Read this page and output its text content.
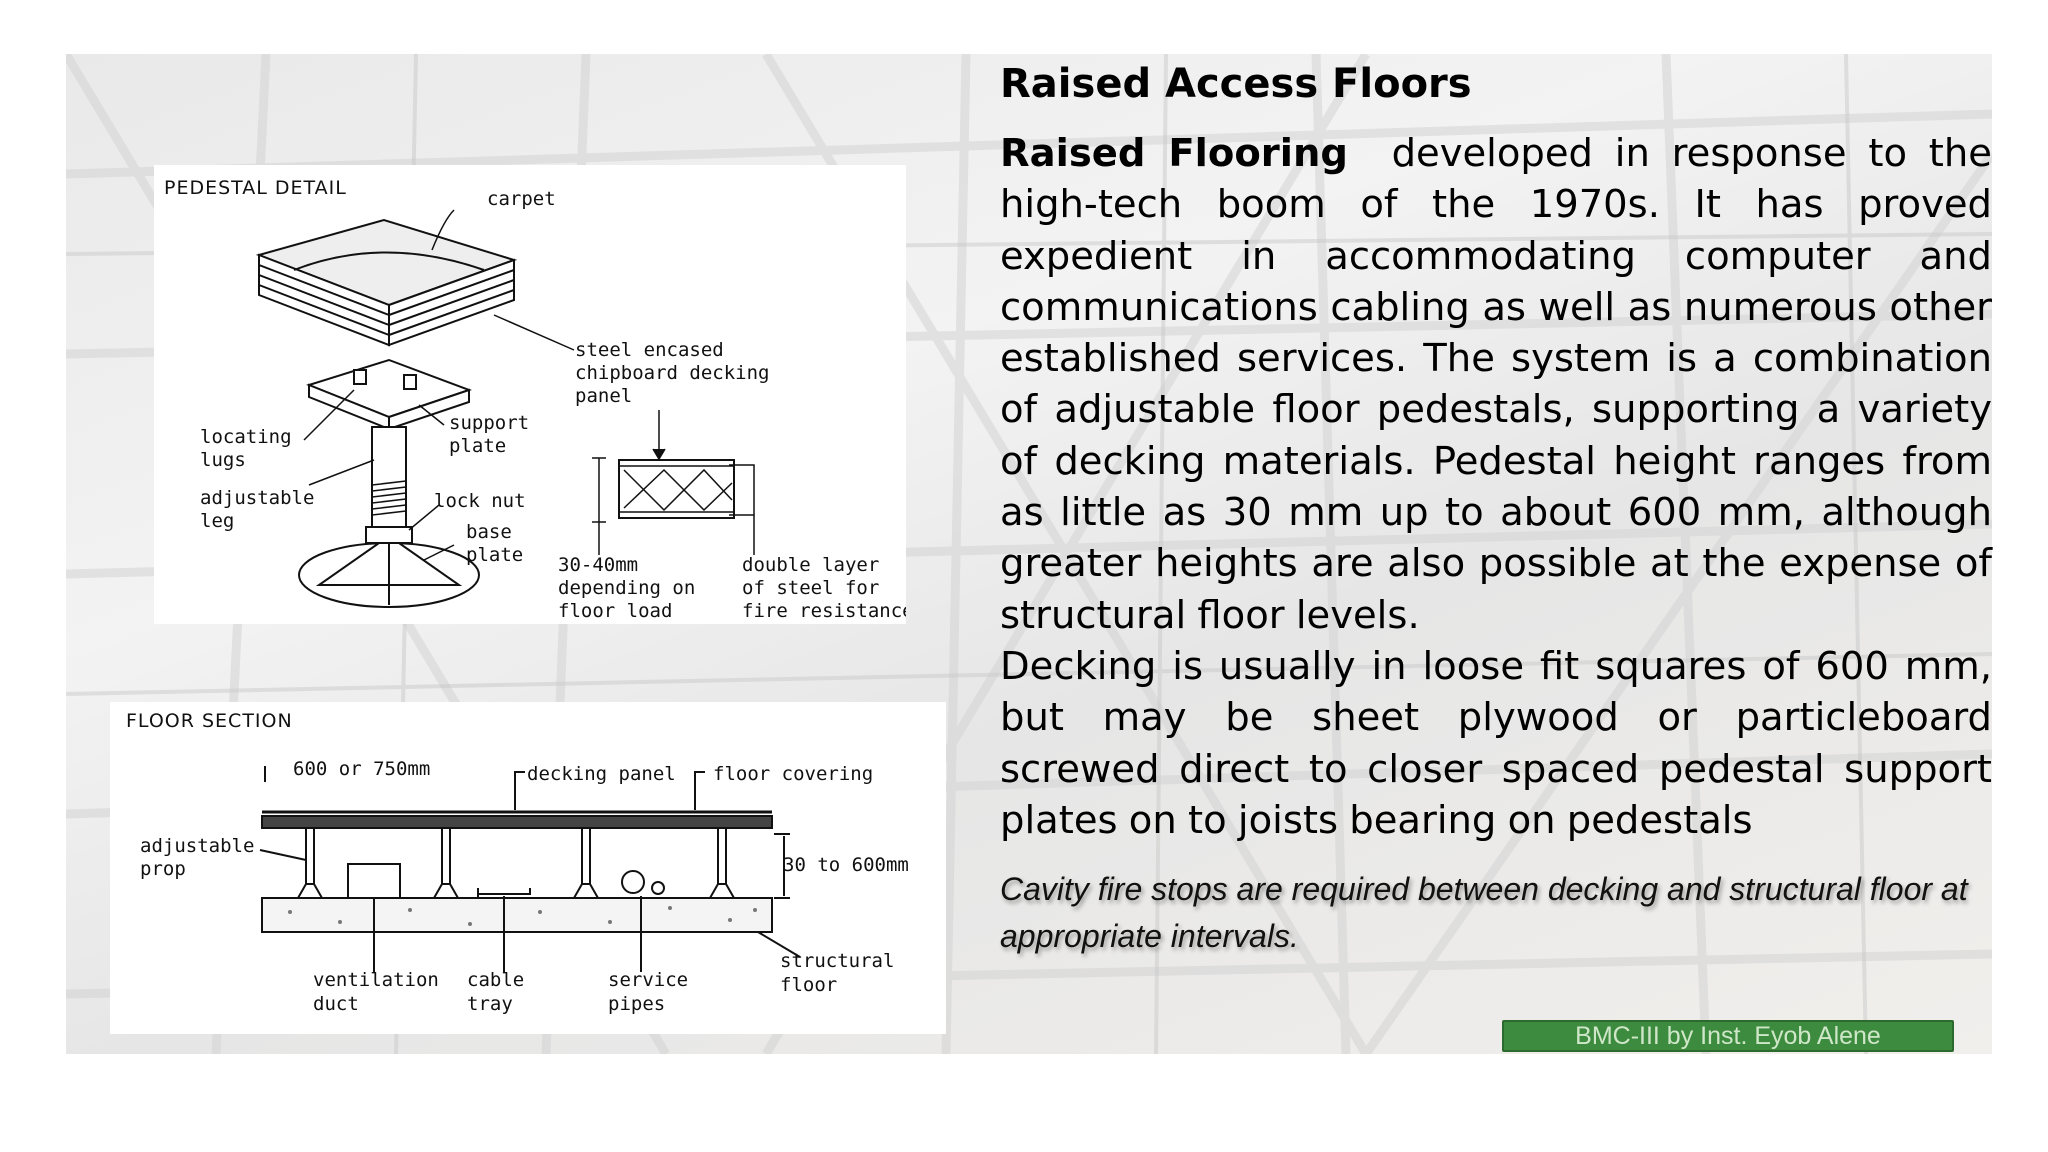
PEDESTAL DETAIL	carpet
steel encased
chipboard decking
panel
support
plate
locating
lugs
adjustable
leg
lock nut
base
plate 30-40mm
depending on
floor load
double layer
of steel for
fire resistance
FLOOR SECTION
600 or 750mm	decking panel floor covering
adjustable
prop	30 to 600mm
ventilation
duct
cable
tray
service
pipes
structural
floor
Raised Access Floors

Raised Flooring developed in response to the high-tech boom of the 1970s. It has proved expedient in accommodating computer and communications cabling as well as numerous other established services. The system is a combination of adjustable floor pedestals, supporting a variety of decking materials. Pedestal height ranges from as little as 30 mm up to about 600 mm, although greater heights are also possible at the expense of structural floor levels.

Decking is usually in loose fit squares of 600 mm, but may be sheet plywood or particleboard screwed direct to closer spaced pedestal support plates on to joists bearing on pedestals

Cavity fire stops are required between decking and structural floor at appropriate intervals.

BMC-III by Inst. Eyob Alene
